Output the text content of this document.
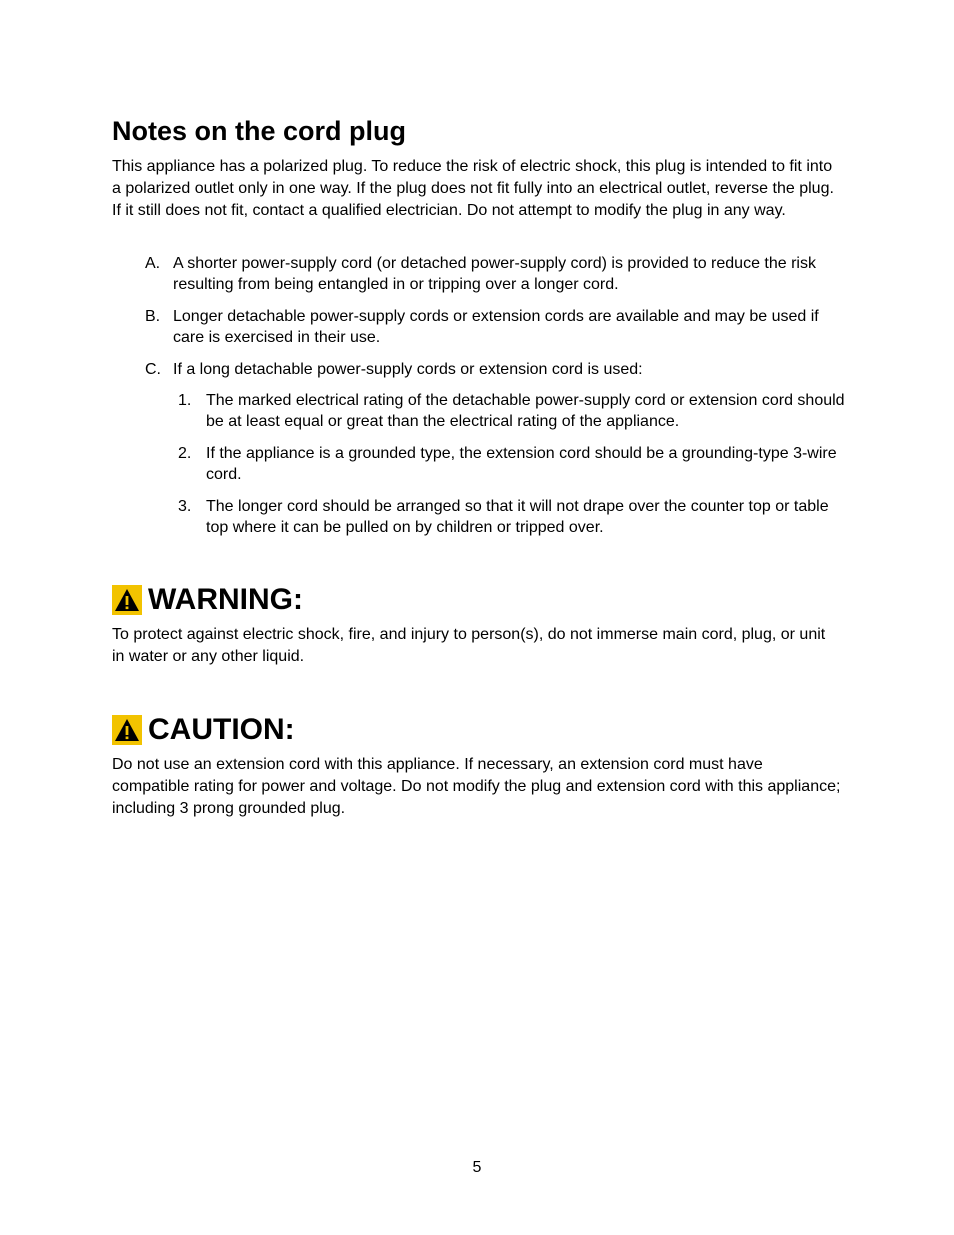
Notes on the cord plug

This appliance has a polarized plug. To reduce the risk of electric shock, this plug is intended to fit into a polarized outlet only in one way. If the plug does not fit fully into an electrical outlet, reverse the plug. If it still does not fit, contact a qualified electrician. Do not attempt to modify the plug in any way.

A. A shorter power-supply cord (or detached power-supply cord) is provided to reduce the risk resulting from being entangled in or tripping over a longer cord.
B. Longer detachable power-supply cords or extension cords are available and may be used if care is exercised in their use.
C. If a long detachable power-supply cords or extension cord is used:
1. The marked electrical rating of the detachable power-supply cord or extension cord should be at least equal or great than the electrical rating of the appliance.
2. If the appliance is a grounded type, the extension cord should be a grounding-type 3-wire cord.
3. The longer cord should be arranged so that it will not drape over the counter top or table top where it can be pulled on by children or tripped over.
WARNING:

To protect against electric shock, fire, and injury to person(s), do not immerse main cord, plug, or unit in water or any other liquid.

CAUTION:

Do not use an extension cord with this appliance. If necessary, an extension cord must have compatible rating for power and voltage. Do not modify the plug and extension cord with this appliance; including 3 prong grounded plug.

5
